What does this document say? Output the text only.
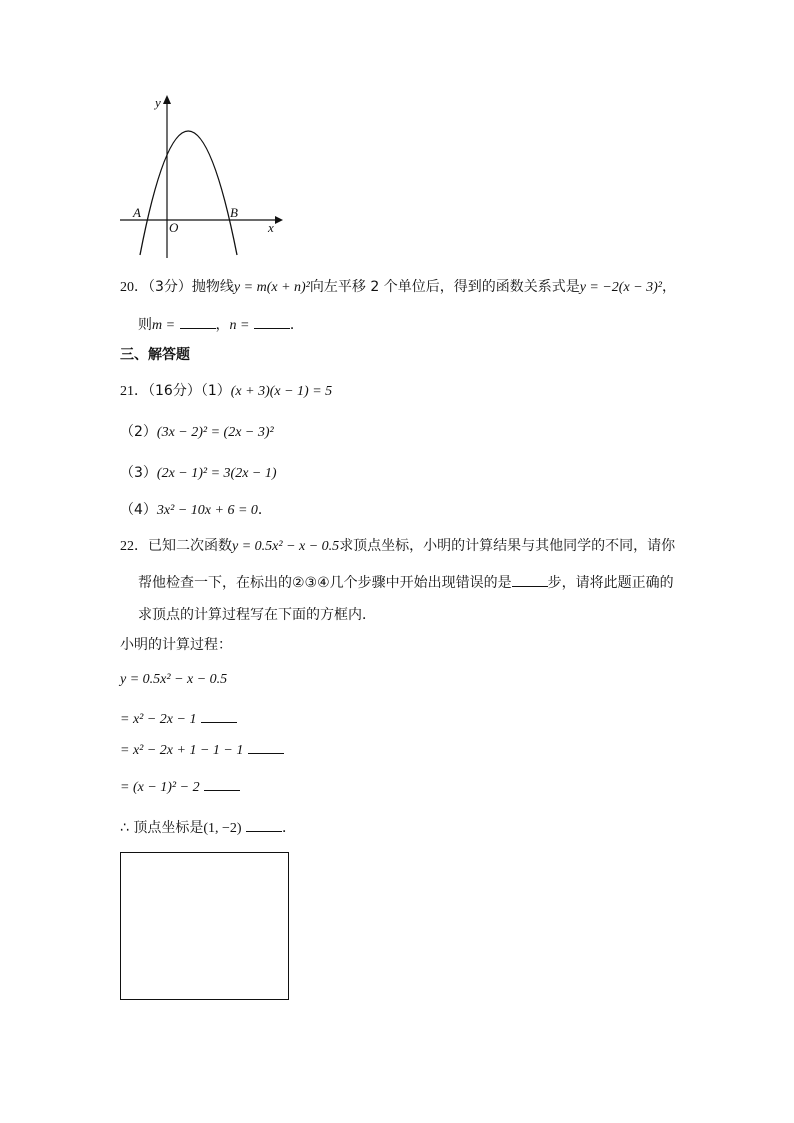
y
x
O
A	B
20．（3分）抛物线y = m(x + n)²向左平移 2 个单位后，得到的函数关系式是y = −2(x − 3)²，
则m =	，n =	．
三、解答题
21．（16分）（1）(x + 3)(x − 1) = 5
（2）(3x − 2)² = (2x − 3)²
（3）(2x − 1)² = 3(2x − 1)
（4）3x² − 10x + 6 = 0．
22．已知二次函数y = 0.5x² − x − 0.5求顶点坐标，小明的计算结果与其他同学的不同，请你
帮他检查一下，在标出的②③④几个步骤中开始出现错误的是	步，请将此题正确的
求顶点的计算过程写在下面的方框内．
小明的计算过程：
y = 0.5x² − x − 0.5
= x² − 2x − 1
= x² − 2x + 1 − 1 − 1
= (x − 1)² − 2
∴ 顶点坐标是(1, −2)	．
